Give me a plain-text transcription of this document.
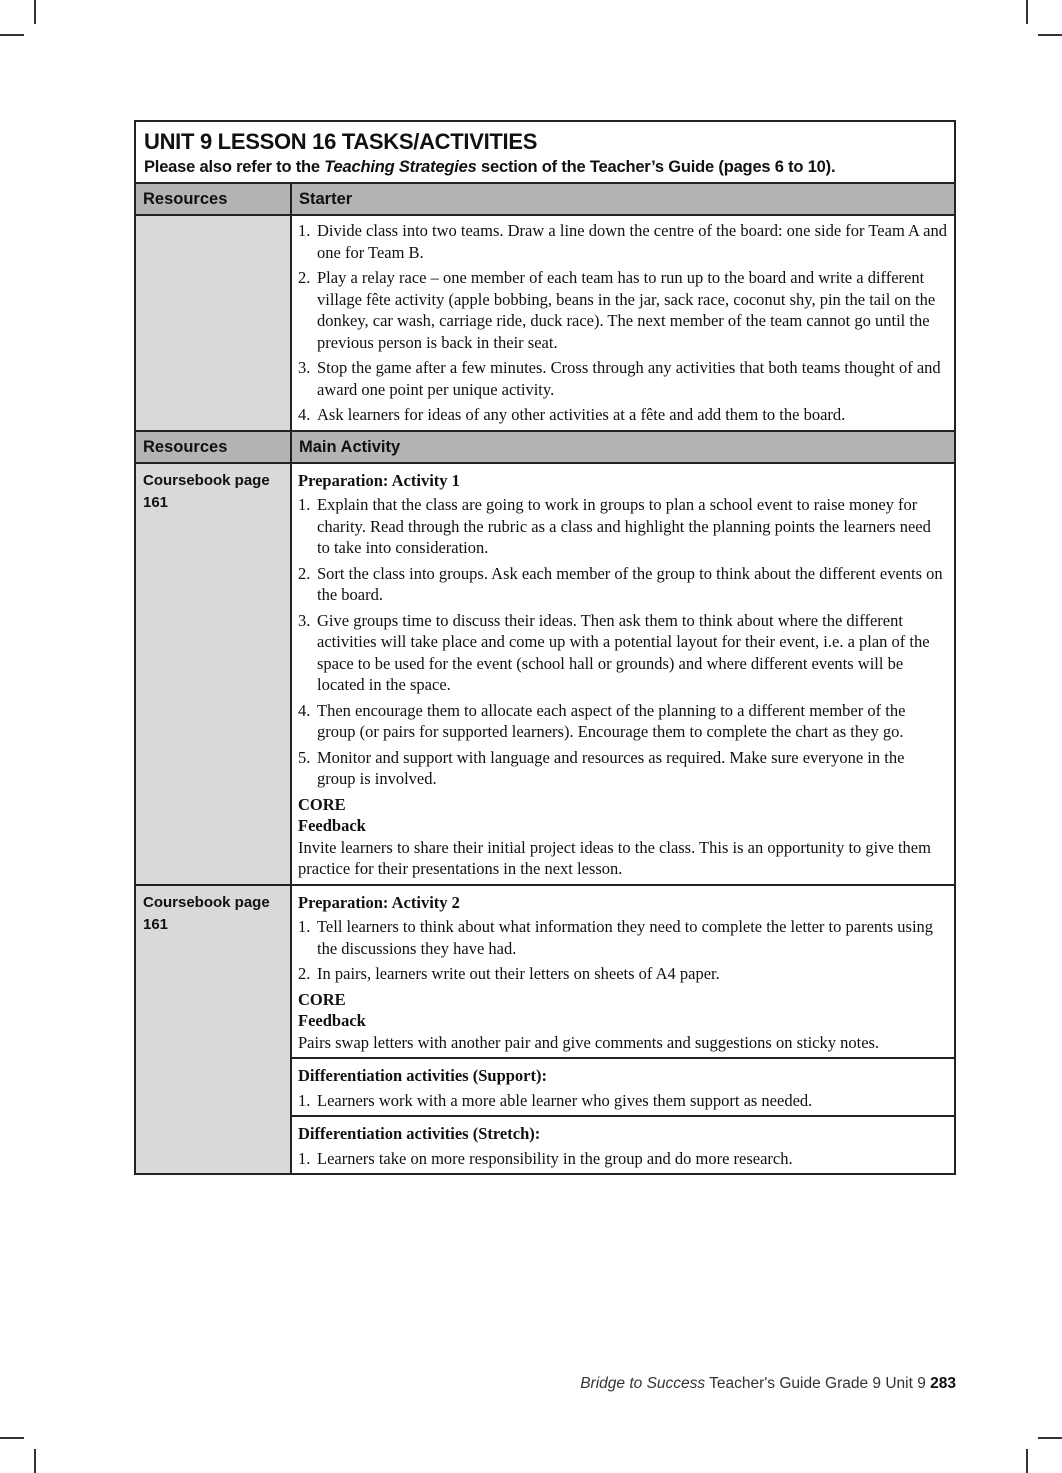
UNIT 9 LESSON 16 TASKS/ACTIVITIES
Please also refer to the Teaching Strategies section of the Teacher’s Guide (pages 6 to 10).
Resources	Starter
1. Divide class into two teams. Draw a line down the centre of the board: one side for Team A and one for Team B.
2. Play a relay race – one member of each team has to run up to the board and write a different village fête activity (apple bobbing, beans in the jar, sack race, coconut shy, pin the tail on the donkey, car wash, carriage ride, duck race). The next member of the team cannot go until the previous person is back in their seat.
3. Stop the game after a few minutes. Cross through any activities that both teams thought of and award one point per unique activity.
4. Ask learners for ideas of any other activities at a fête and add them to the board.
Resources	Main Activity
Coursebook page 161
Preparation: Activity 1
1. Explain that the class are going to work in groups to plan a school event to raise money for charity. Read through the rubric as a class and highlight the planning points the learners need to take into consideration.
2. Sort the class into groups. Ask each member of the group to think about the different events on the board.
3. Give groups time to discuss their ideas. Then ask them to think about where the different activities will take place and come up with a potential layout for their event, i.e. a plan of the space to be used for the event (school hall or grounds) and where different events will be located in the space.
4. Then encourage them to allocate each aspect of the planning to a different member of the group (or pairs for supported learners). Encourage them to complete the chart as they go.
5. Monitor and support with language and resources as required. Make sure everyone in the group is involved.
CORE
Feedback
Invite learners to share their initial project ideas to the class. This is an opportunity to give them practice for their presentations in the next lesson.
Coursebook page 161
Preparation: Activity 2
1. Tell learners to think about what information they need to complete the letter to parents using the discussions they have had.
2. In pairs, learners write out their letters on sheets of A4 paper.
CORE
Feedback
Pairs swap letters with another pair and give comments and suggestions on sticky notes.
Differentiation activities (Support):
1. Learners work with a more able learner who gives them support as needed.
Differentiation activities (Stretch):
1. Learners take on more responsibility in the group and do more research.
Bridge to Success Teacher's Guide Grade 9 Unit 9 283
